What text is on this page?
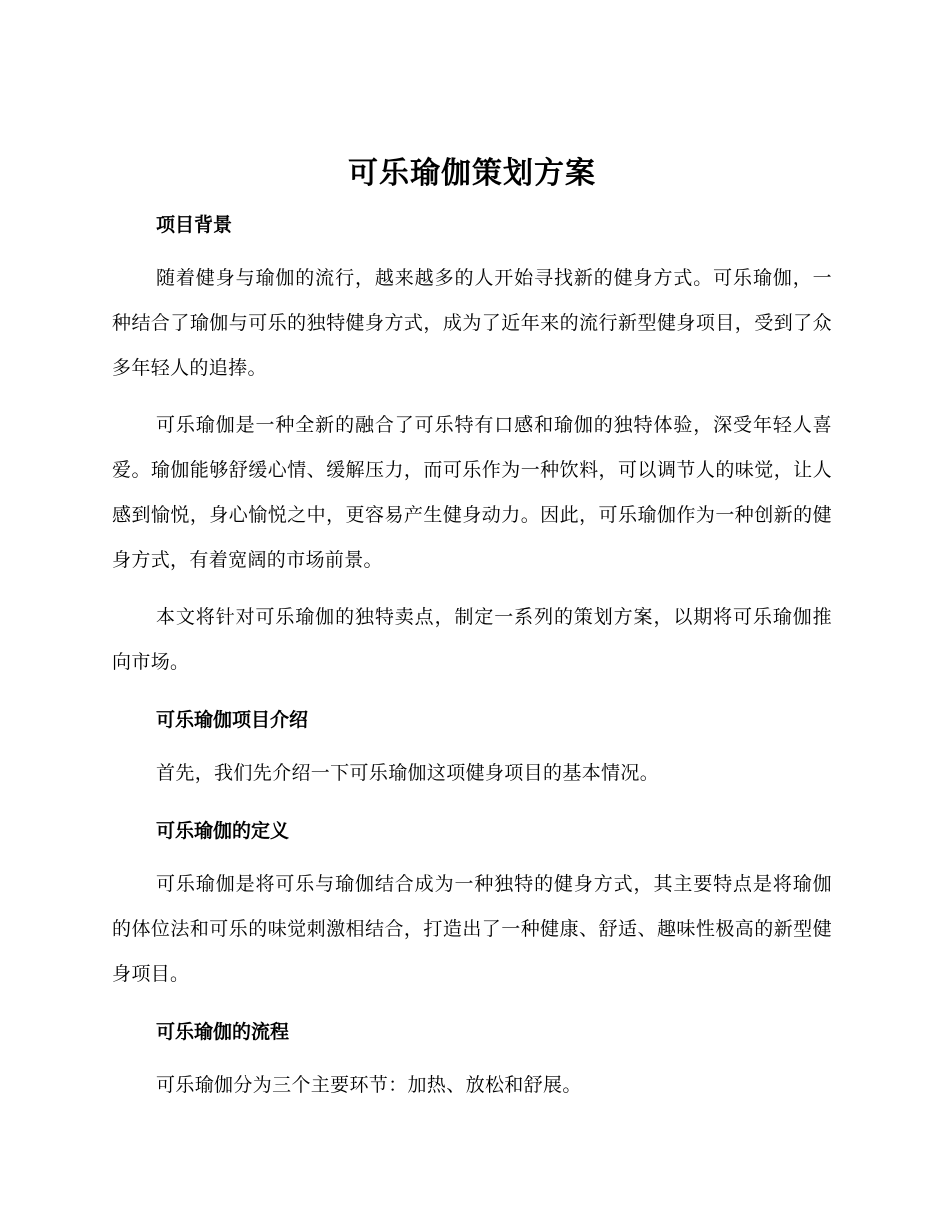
可乐瑜伽策划方案
项目背景

随着健身与瑜伽的流行，越来越多的人开始寻找新的健身方式。可乐瑜伽，一种结合了瑜伽与可乐的独特健身方式，成为了近年来的流行新型健身项目，受到了众多年轻人的追捧。

可乐瑜伽是一种全新的融合了可乐特有口感和瑜伽的独特体验，深受年轻人喜爱。瑜伽能够舒缓心情、缓解压力，而可乐作为一种饮料，可以调节人的味觉，让人感到愉悦，身心愉悦之中，更容易产生健身动力。因此，可乐瑜伽作为一种创新的健身方式，有着宽阔的市场前景。

本文将针对可乐瑜伽的独特卖点，制定一系列的策划方案，以期将可乐瑜伽推向市场。

可乐瑜伽项目介绍

首先，我们先介绍一下可乐瑜伽这项健身项目的基本情况。

可乐瑜伽的定义

可乐瑜伽是将可乐与瑜伽结合成为一种独特的健身方式，其主要特点是将瑜伽的体位法和可乐的味觉刺激相结合，打造出了一种健康、舒适、趣味性极高的新型健身项目。

可乐瑜伽的流程

可乐瑜伽分为三个主要环节：加热、放松和舒展。
